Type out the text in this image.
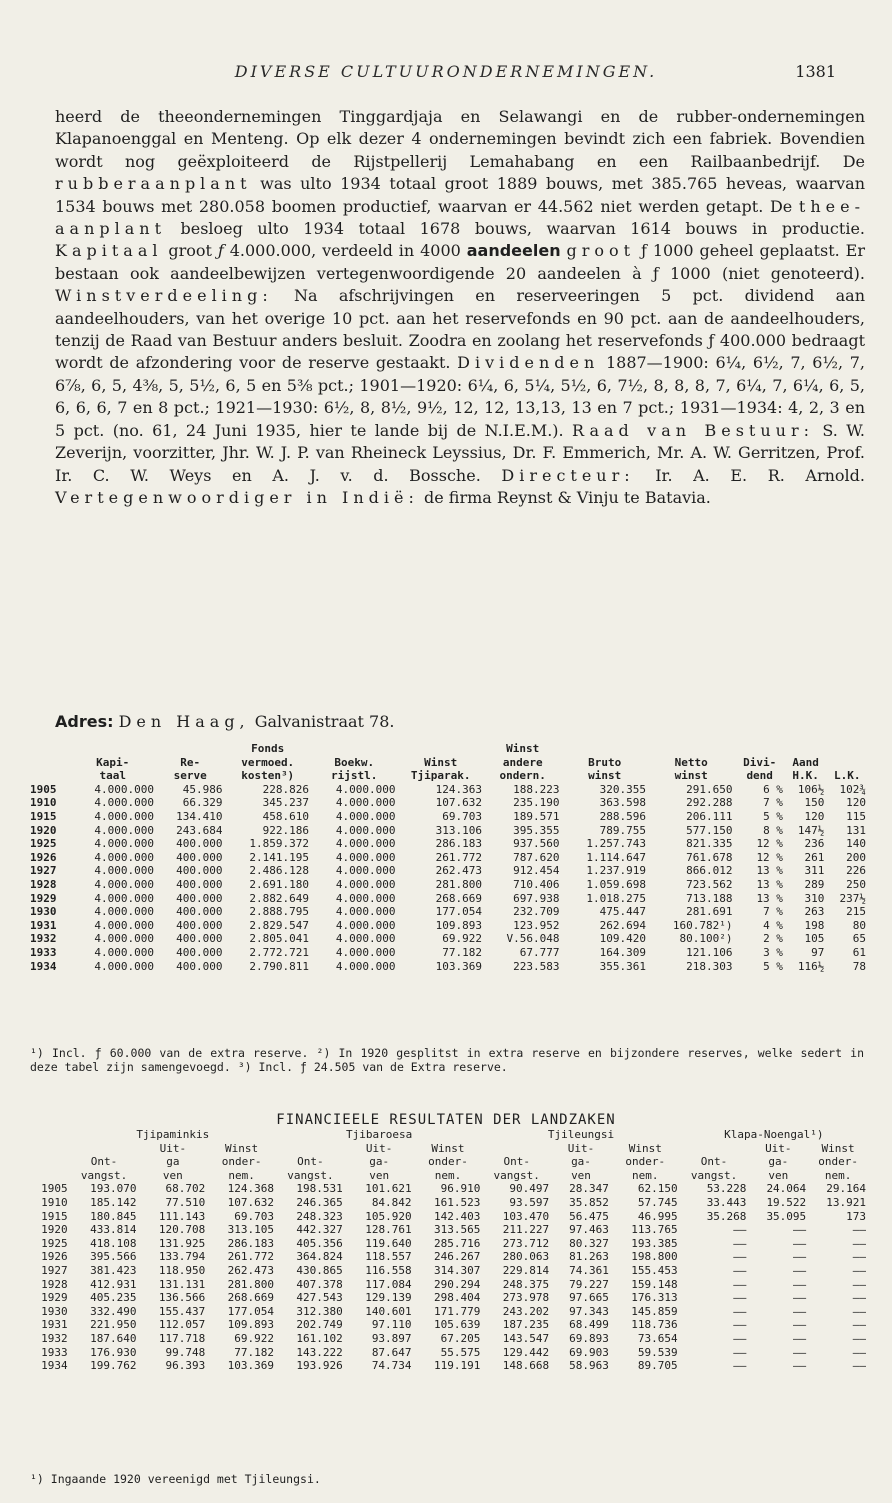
DIVERSE CULTUURONDERNEMINGEN.	1381
heerd de theeondernemingen Tinggardjaja en Selawangi en de rubber-ondernemingen Klapanoenggal en Menteng. Op elk dezer 4 ondernemingen bevindt zich een fabriek. Bovendien wordt nog geëxploiteerd de Rijstpellerij Lemahabang en een Railbaanbedrijf. De rubberaanplant was ulto 1934 totaal groot 1889 bouws, met 385.765 heveas, waarvan 1534 bouws met 280.058 boomen productief, waarvan er 44.562 niet werden getapt. De thee-aanplant besloeg ulto 1934 totaal 1678 bouws, waarvan 1614 bouws in productie. Kapitaal groot ƒ 4.000.000, verdeeld in 4000 aandeelen groot ƒ 1000 geheel geplaatst. Er bestaan ook aandeelbewijzen vertegenwoordigende 20 aandeelen à ƒ 1000 (niet genoteerd). Winstverdeeling: Na afschrijvingen en reserveeringen 5 pct. dividend aan aandeelhouders, van het overige 10 pct. aan het reservefonds en 90 pct. aan de aandeelhouders, tenzij de Raad van Bestuur anders besluit. Zoodra en zoolang het reservefonds ƒ 400.000 bedraagt wordt de afzondering voor de reserve gestaakt. Dividenden 1887—1900: 6¼, 6½, 7, 6½, 7, 6⅞, 6, 5, 4⅜, 5, 5½, 6, 5 en 5⅜ pct.; 1901—1920: 6¼, 6, 5¼, 5½, 6, 7½, 8, 8, 8, 7, 6¼, 7, 6¼, 6, 5, 6, 6, 6, 7 en 8 pct.; 1921—1930: 6½, 8, 8½, 9½, 12, 12, 13,13, 13 en 7 pct.; 1931—1934: 4, 2, 3 en 5 pct. (no. 61, 24 Juni 1935, hier te lande bij de N.I.E.M.). Raad van Bestuur: S. W. Zeverijn, voorzitter, Jhr. W. J. P. van Rheineck Leyssius, Dr. F. Emmerich, Mr. A. W. Gerritzen, Prof. Ir. C. W. Weys en A. J. v. d. Bossche. Directeur: Ir. A. E. R. Arnold. Vertegenwoordiger in Indië: de firma Reynst & Vinju te Batavia.
Adres: Den Haag, Galvanistraat 78.
			Fonds			Winst					
	Kapi-	Re-	vermoed.	Boekw.	Winst	andere	Bruto	Netto	Divi-	Aand	
	taal	serve	kosten³)	rijstl.	Tjiparak.	ondern.	winst	winst	dend	H.K.	L.K.
1905	4.000.000	45.986	228.826	4.000.000	124.363	188.223	320.355	291.650	6 %	106½	102¾
1910	4.000.000	66.329	345.237	4.000.000	107.632	235.190	363.598	292.288	7 %	150	120
1915	4.000.000	134.410	458.610	4.000.000	69.703	189.571	288.596	206.111	5 %	120	115
1920	4.000.000	243.684	922.186	4.000.000	313.106	395.355	789.755	577.150	8 %	147½	131
1925	4.000.000	400.000	1.859.372	4.000.000	286.183	937.560	1.257.743	821.335	12 %	236	140
1926	4.000.000	400.000	2.141.195	4.000.000	261.772	787.620	1.114.647	761.678	12 %	261	200
1927	4.000.000	400.000	2.486.128	4.000.000	262.473	912.454	1.237.919	866.012	13 %	311	226
1928	4.000.000	400.000	2.691.180	4.000.000	281.800	710.406	1.059.698	723.562	13 %	289	250
1929	4.000.000	400.000	2.882.649	4.000.000	268.669	697.938	1.018.275	713.188	13 %	310	237½
1930	4.000.000	400.000	2.888.795	4.000.000	177.054	232.709	475.447	281.691	7 %	263	215
1931	4.000.000	400.000	2.829.547	4.000.000	109.893	123.952	262.694	160.782¹)	4 %	198	80
1932	4.000.000	400.000	2.805.041	4.000.000	69.922	V.56.048	109.420	80.100²)	2 %	105	65
1933	4.000.000	400.000	2.772.721	4.000.000	77.182	67.777	164.309	121.106	3 %	97	61
1934	4.000.000	400.000	2.790.811	4.000.000	103.369	223.583	355.361	218.303	5 %	116½	78
¹) Incl. ƒ 60.000 van de extra reserve. ²) In 1920 gesplitst in extra reserve en bijzondere reserves, welke sedert in deze tabel zijn samengevoegd. ³) Incl. ƒ 24.505 van de Extra reserve.
FINANCIEELE RESULTATEN DER LANDZAKEN
	Tjipaminkis			Tjibaroesa			Tjileungsi			Klapa-Noengal¹)		
		Uit-	Winst		Uit-	Winst		Uit-	Winst		Uit-	Winst
	Ont-	ga	onder-	Ont-	ga-	onder-	Ont-	ga-	onder-	Ont-	ga-	onder-
	vangst.	ven	nem.	vangst.	ven	nem.	vangst.	ven	nem.	vangst.	ven	nem.
1905	193.070	68.702	124.368	198.531	101.621	96.910	90.497	28.347	62.150	53.228	24.064	29.164
1910	185.142	77.510	107.632	246.365	84.842	161.523	93.597	35.852	57.745	33.443	19.522	13.921
1915	180.845	111.143	69.703	248.323	105.920	142.403	103.470	56.475	46.995	35.268	35.095	173
1920	433.814	120.708	313.105	442.327	128.761	313.565	211.227	97.463	113.765	——	——	——
1925	418.108	131.925	286.183	405.356	119.640	285.716	273.712	80.327	193.385	——	——	——
1926	395.566	133.794	261.772	364.824	118.557	246.267	280.063	81.263	198.800	——	——	——
1927	381.423	118.950	262.473	430.865	116.558	314.307	229.814	74.361	155.453	——	——	——
1928	412.931	131.131	281.800	407.378	117.084	290.294	248.375	79.227	159.148	——	——	——
1929	405.235	136.566	268.669	427.543	129.139	298.404	273.978	97.665	176.313	——	——	——
1930	332.490	155.437	177.054	312.380	140.601	171.779	243.202	97.343	145.859	——	——	——
1931	221.950	112.057	109.893	202.749	97.110	105.639	187.235	68.499	118.736	——	——	——
1932	187.640	117.718	69.922	161.102	93.897	67.205	143.547	69.893	73.654	——	——	——
1933	176.930	99.748	77.182	143.222	87.647	55.575	129.442	69.903	59.539	——	——	——
1934	199.762	96.393	103.369	193.926	74.734	119.191	148.668	58.963	89.705	——	——	——
¹) Ingaande 1920 vereenigd met Tjileungsi.
